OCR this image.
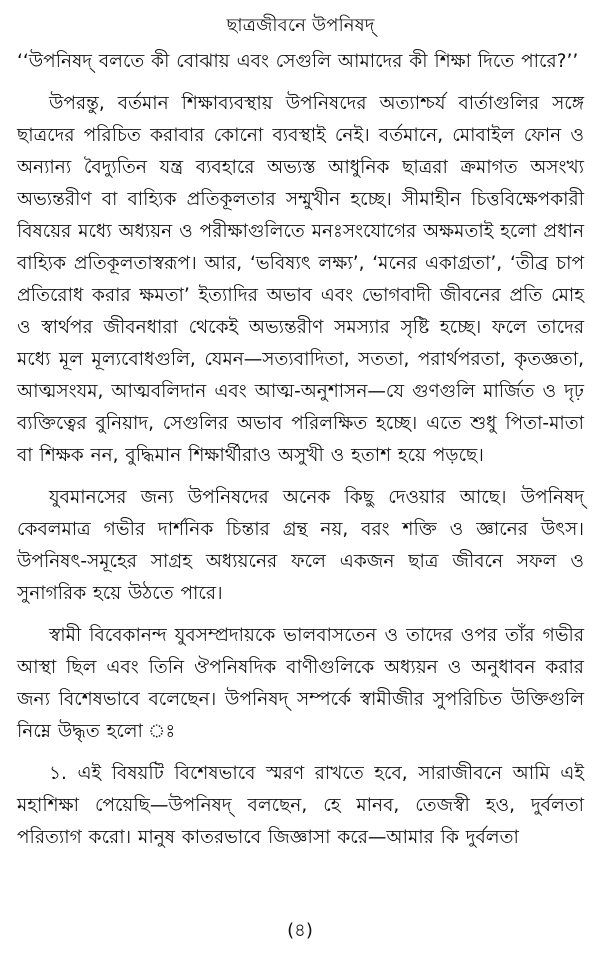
ছাত্রজীবনে উপনিষদ্

‘‘উপনিষদ্ বলতে কী বোঝায় এবং সেগুলি আমাদের কী শিক্ষা দিতে পারে?’’

উপরন্তু, বর্তমান শিক্ষাব্যবস্থায় উপনিষদের অত্যাশ্চর্য বার্তাগুলির সঙ্গে ছাত্রদের পরিচিত করাবার কোনো ব্যবস্থাই নেই। বর্তমানে, মোবাইল ফোন ও অন্যান্য বৈদ্যুতিন যন্ত্র ব্যবহারে অভ্যস্ত আধুনিক ছাত্ররা ক্রমাগত অসংখ্য অভ্যন্তরীণ বা বাহ্যিক প্রতিকূলতার সম্মুখীন হচ্ছে। সীমাহীন চিত্তবিক্ষেপকারী বিষয়ের মধ্যে অধ্যয়ন ও পরীক্ষাগুলিতে মনঃসংযোগের অক্ষমতাই হলো প্রধান বাহ্যিক প্রতিকূলতাস্বরূপ। আর, ‘ভবিষ্যৎ লক্ষ্য’, ‘মনের একাগ্রতা’, ‘তীব্র চাপ প্রতিরোধ করার ক্ষমতা’ ইত্যাদির অভাব এবং ভোগবাদী জীবনের প্রতি মোহ ও স্বার্থপর জীবনধারা থেকেই অভ্যন্তরীণ সমস্যার সৃষ্টি হচ্ছে। ফলে তাদের মধ্যে মূল মূল্যবোধগুলি, যেমন—সত্যবাদিতা, সততা, পরার্থপরতা, কৃতজ্ঞতা, আত্মসংযম, আত্মবলিদান এবং আত্ম-অনুশাসন—যে গুণগুলি মার্জিত ও দৃঢ় ব্যক্তিত্বের বুনিয়াদ, সেগুলির অভাব পরিলক্ষিত হচ্ছে। এতে শুধু পিতা-মাতা বা শিক্ষক নন, বুদ্ধিমান শিক্ষার্থীরাও অসুখী ও হতাশ হয়ে পড়ছে।

যুবমানসের জন্য উপনিষদের অনেক কিছু দেওয়ার আছে। উপনিষদ্ কেবলমাত্র গভীর দার্শনিক চিন্তার গ্রন্থ নয়, বরং শক্তি ও জ্ঞানের উৎস। উপনিষৎ-সমূহের সাগ্রহ অধ্যয়নের ফলে একজন ছাত্র জীবনে সফল ও সুনাগরিক হয়ে উঠতে পারে।

স্বামী বিবেকানন্দ যুবসম্প্রদায়কে ভালবাসতেন ও তাদের ওপর তাঁর গভীর আস্থা ছিল এবং তিনি ঔপনিষদিক বাণীগুলিকে অধ্যয়ন ও অনুধাবন করার জন্য বিশেষভাবে বলেছেন। উপনিষদ্ সম্পর্কে স্বামীজীর সুপরিচিত উক্তিগুলি নিম্নে উদ্ধৃত হলো ঃ

১. এই বিষয়টি বিশেষভাবে স্মরণ রাখতে হবে, সারাজীবনে আমি এই মহাশিক্ষা পেয়েছি—উপনিষদ্ বলছেন, হে মানব, তেজস্বী হও, দুর্বলতা পরিত্যাগ করো। মানুষ কাতরভাবে জিজ্ঞাসা করে—আমার কি দুর্বলতা

(৪)
